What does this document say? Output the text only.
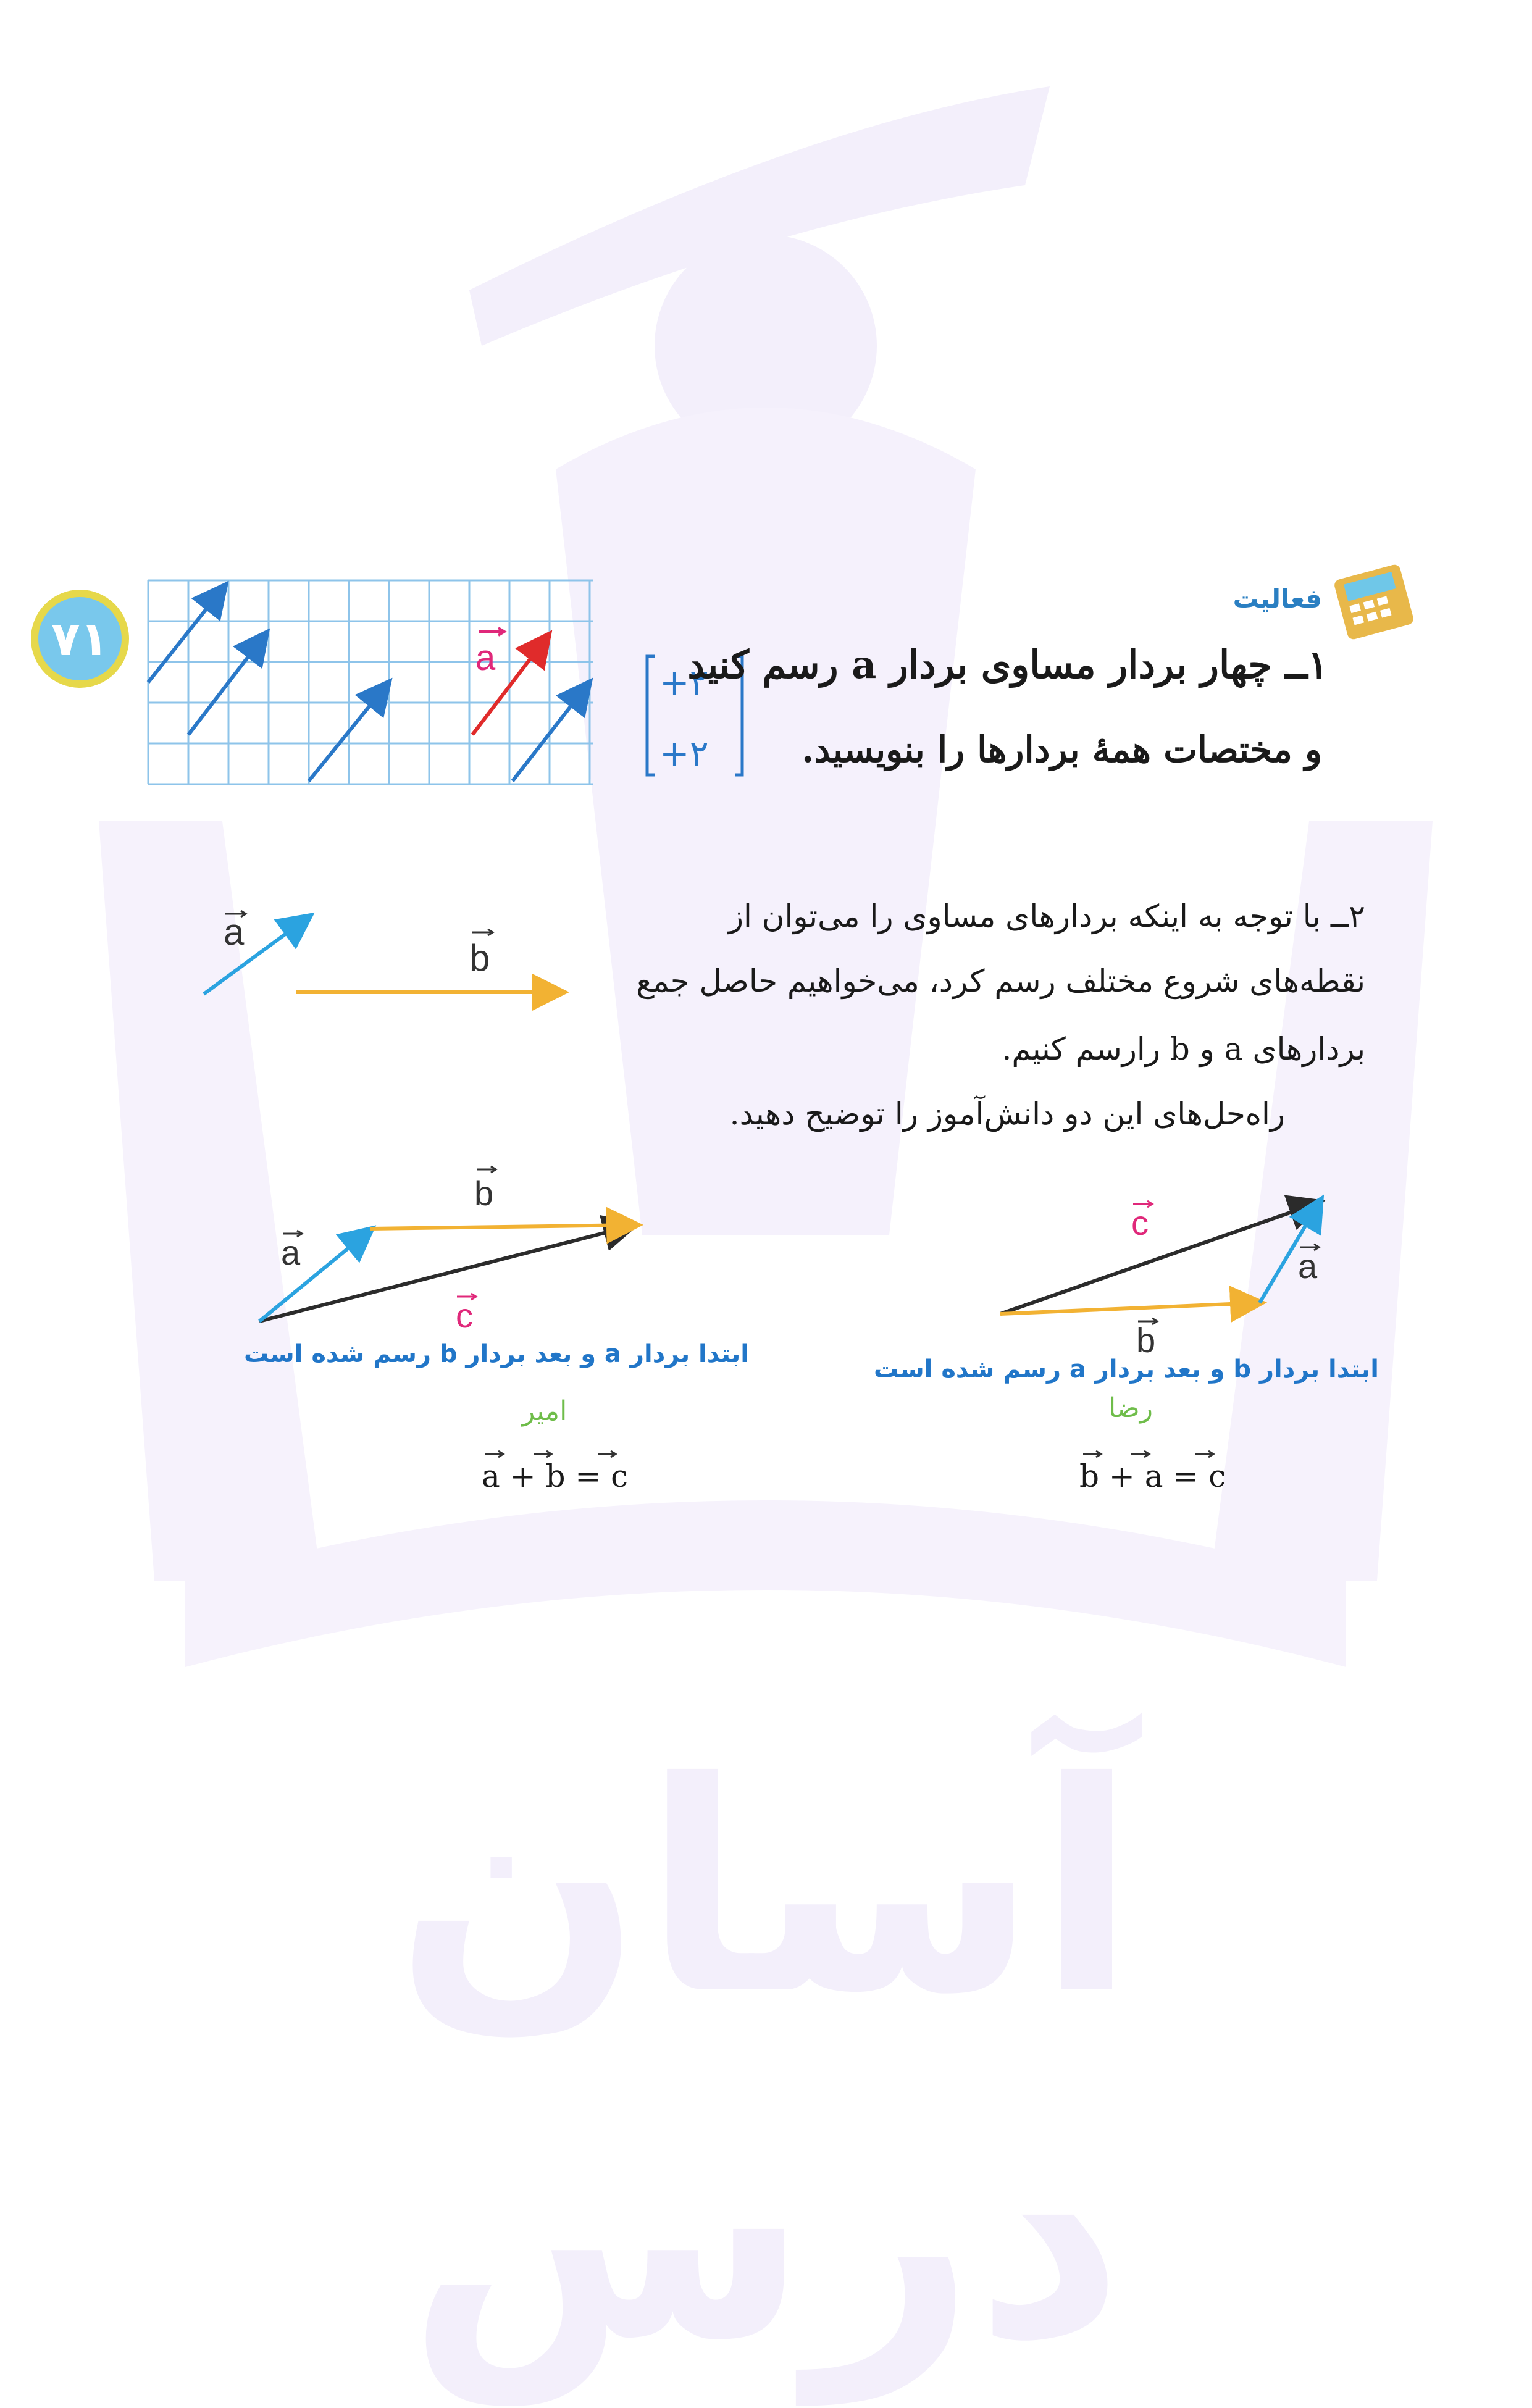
آسان درس
۷۱	a
+۲
+۲
فعالیت
۱ــ چهار بردار مساوی بردار a رسم کنید
و مختصات همهٔ بردارها را بنویسید.
a
b
۲ــ با توجه به اینکه بردارهای مساوی را می‌توان از
نقطه‌های شروع مختلف رسم کرد، می‌خواهیم حاصل جمع
بردارهای a و b رارسم کنیم.
راه‌حل‌های این دو دانش‌آموز را توضیح دهید.
a
b
c
c
a
b
ابتدا بردار a و بعد بردار b رسم شده است
ابتدا بردار b و بعد بردار a رسم شده است
امیر	رضا
a + b = c	b + a = c
